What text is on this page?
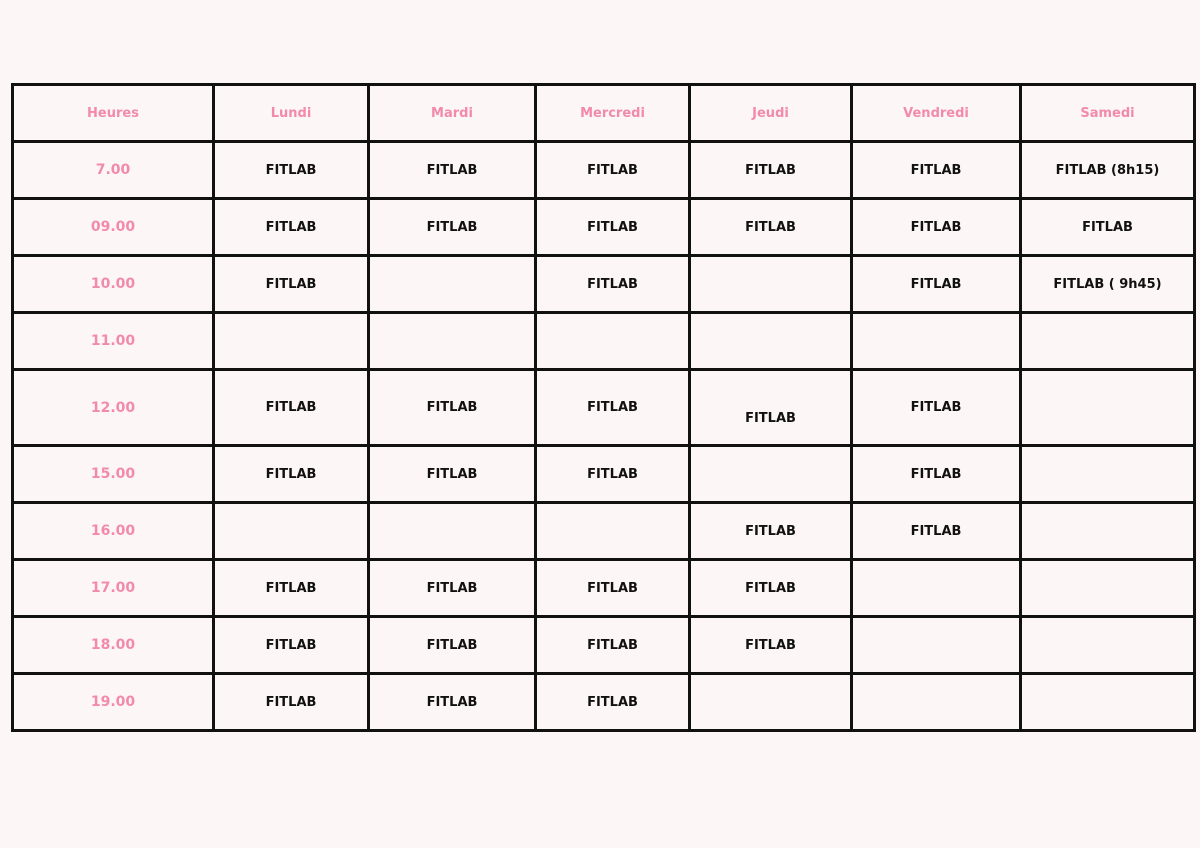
Heures	Lundi	Mardi	Mercredi	Jeudi	Vendredi	Samedi
7.00	FITLAB	FITLAB	FITLAB	FITLAB	FITLAB	FITLAB (8h15)
09.00	FITLAB	FITLAB	FITLAB	FITLAB	FITLAB	FITLAB
10.00	FITLAB		FITLAB		FITLAB	FITLAB ( 9h45)
11.00						
12.00	FITLAB	FITLAB	FITLAB	FITLAB	FITLAB	
15.00	FITLAB	FITLAB	FITLAB		FITLAB	
16.00				FITLAB	FITLAB	
17.00	FITLAB	FITLAB	FITLAB	FITLAB		
18.00	FITLAB	FITLAB	FITLAB	FITLAB		
19.00	FITLAB	FITLAB	FITLAB			
